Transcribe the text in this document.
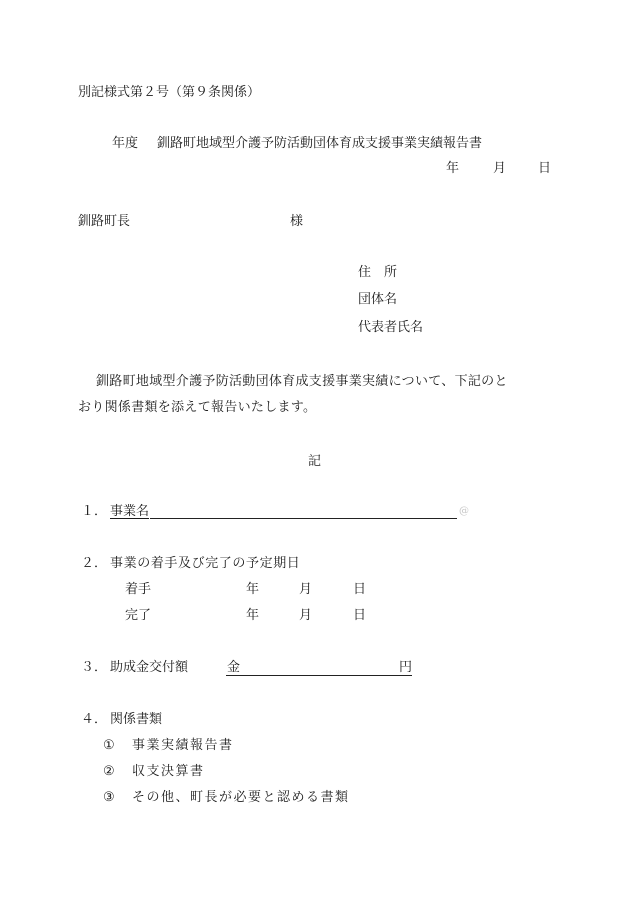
別記様式第２号（第９条関係）
年度 釧路町地域型介護予防活動団体育成支援事業実績報告書
年	月 日
釧路町長	様
住　所
団体名
代表者氏名
釧路町地域型介護予防活動団体育成支援事業実績について、下記のと
おり関係書類を添えて報告いたします。
記
１． 事業名	@
２． 事業の着手及び完了の予定期日
着手	年	月	日
完了	年	月	日
３． 助成金交付額	金	円
４． 関係書類
① 事業実績報告書
② 収支決算書
③ その他、町長が必要と認める書類
